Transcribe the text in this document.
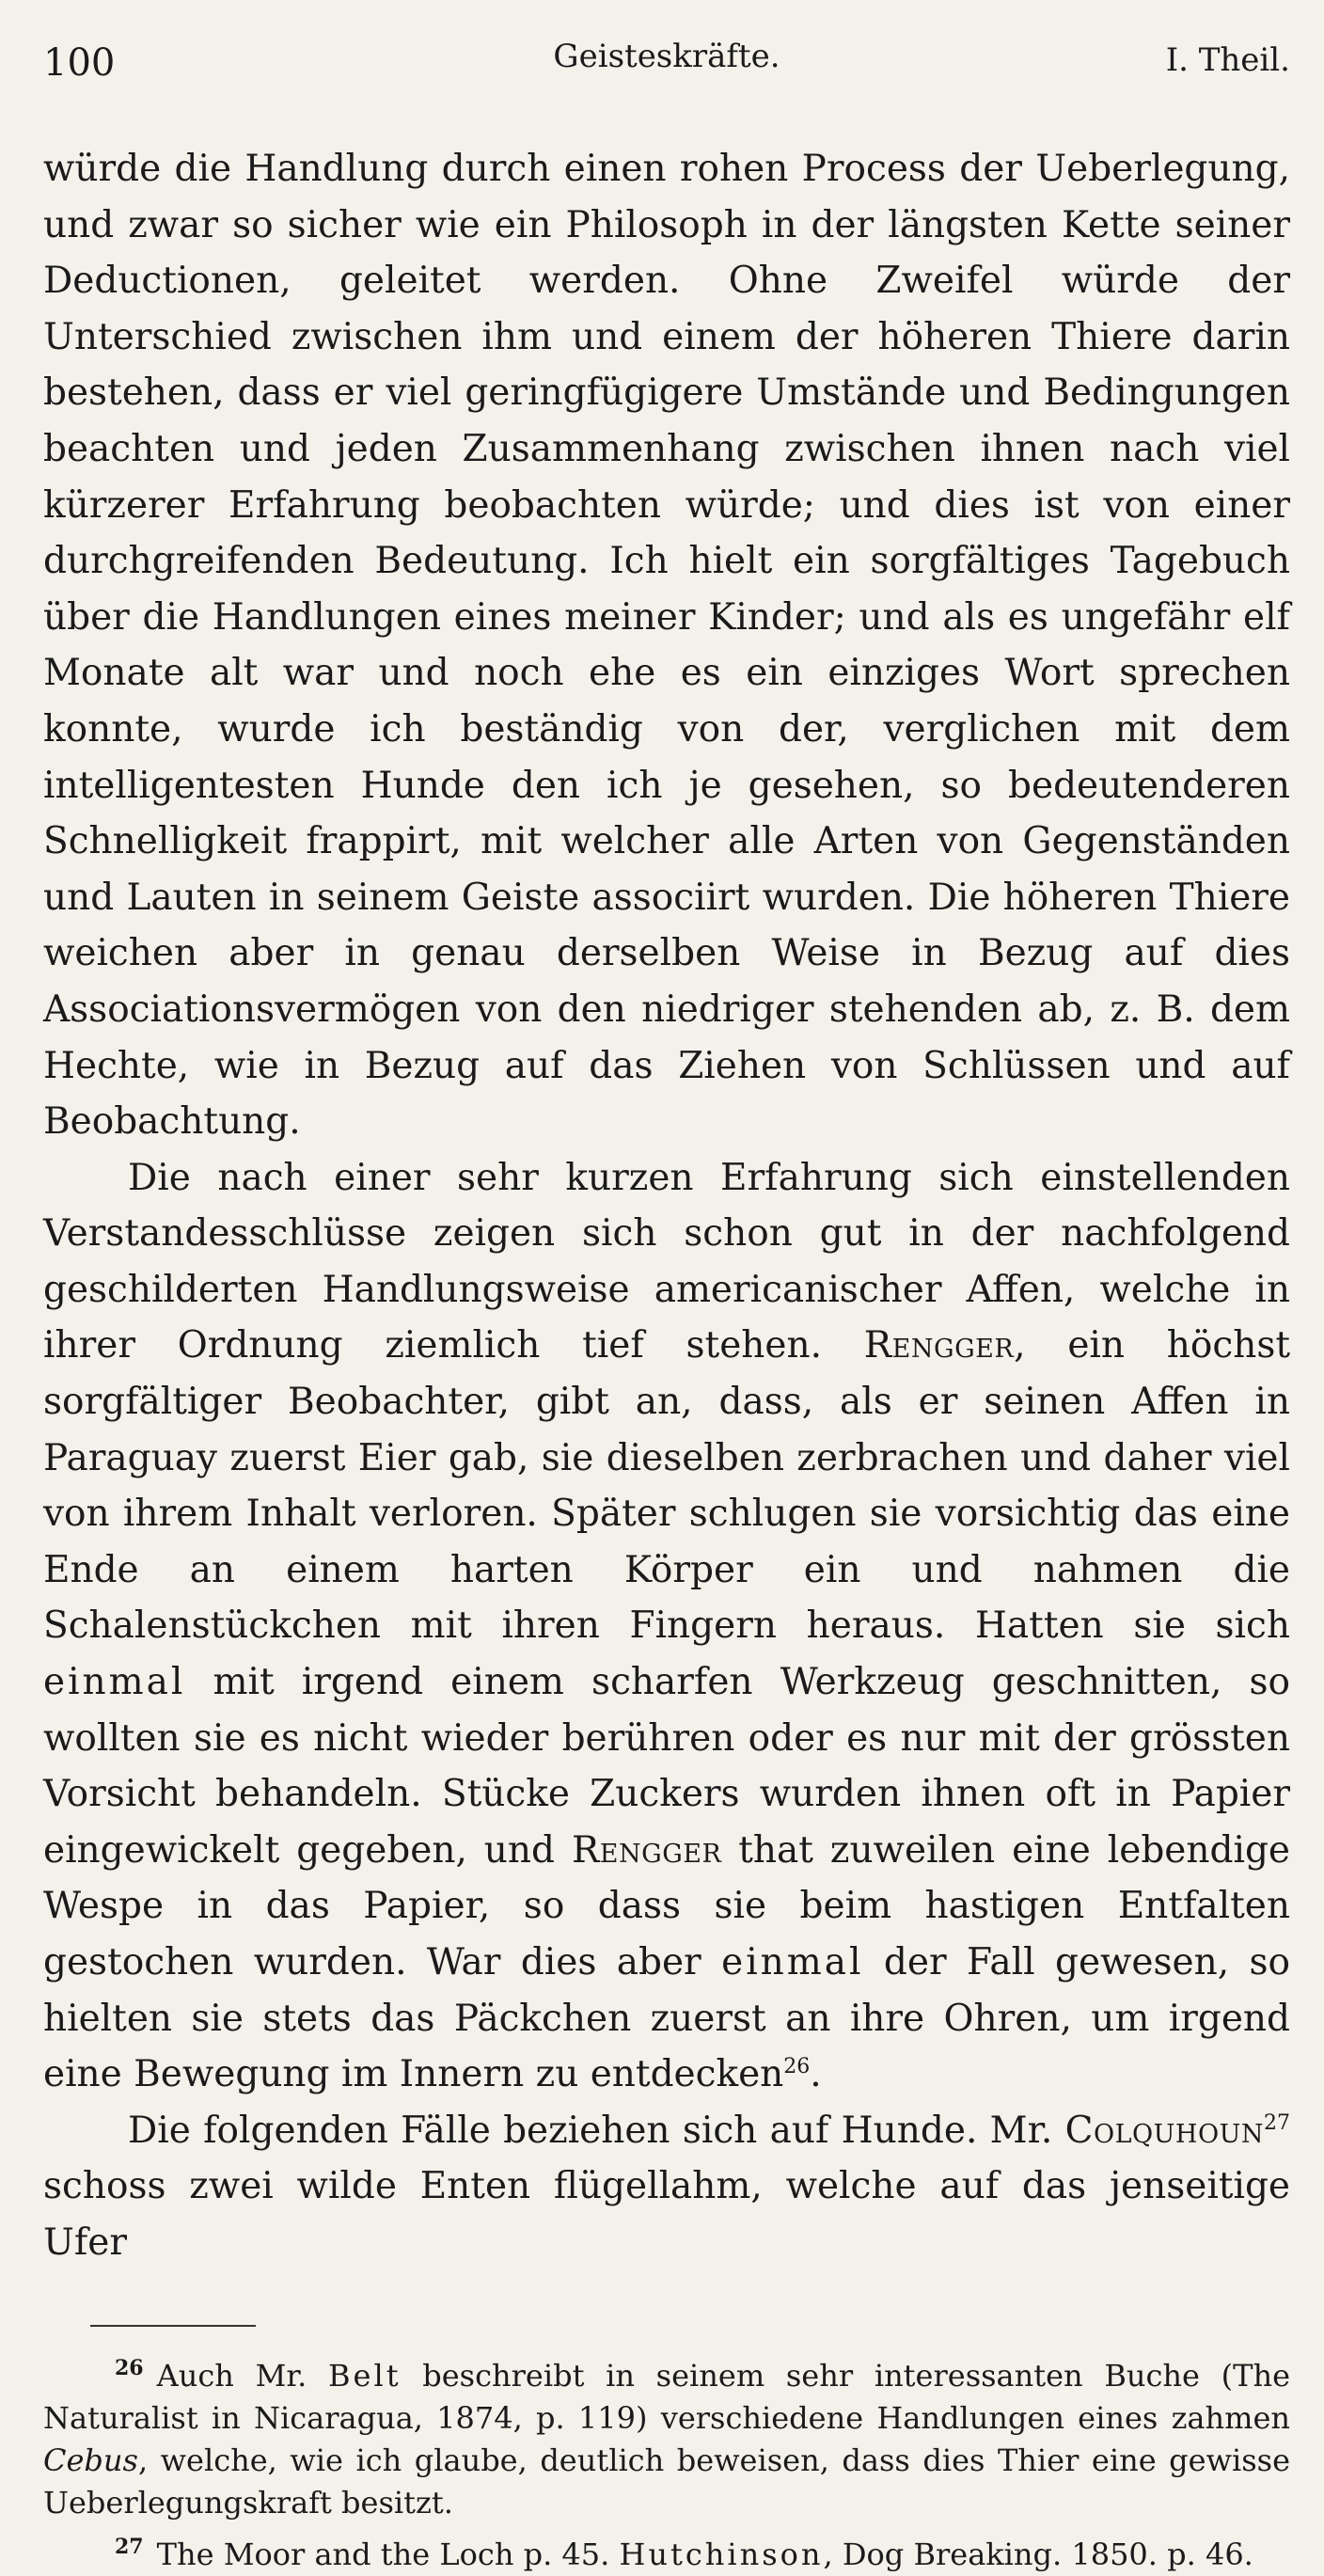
100	Geisteskräfte.	I. Theil.

würde die Handlung durch einen rohen Process der Ueberlegung, und zwar so sicher wie ein Philosoph in der längsten Kette seiner Deductionen, geleitet werden. Ohne Zweifel würde der Unterschied zwischen ihm und einem der höheren Thiere darin bestehen, dass er viel geringfügigere Umstände und Bedingungen beachten und jeden Zusammenhang zwischen ihnen nach viel kürzerer Erfahrung beobachten würde; und dies ist von einer durchgreifenden Bedeutung. Ich hielt ein sorgfältiges Tagebuch über die Handlungen eines meiner Kinder; und als es ungefähr elf Monate alt war und noch ehe es ein einziges Wort sprechen konnte, wurde ich beständig von der, verglichen mit dem intelligentesten Hunde den ich je gesehen, so bedeutenderen Schnelligkeit frappirt, mit welcher alle Arten von Gegenständen und Lauten in seinem Geiste associirt wurden. Die höheren Thiere weichen aber in genau derselben Weise in Bezug auf dies Associationsvermögen von den niedriger stehenden ab, z. B. dem Hechte, wie in Bezug auf das Ziehen von Schlüssen und auf Beobachtung.

Die nach einer sehr kurzen Erfahrung sich einstellenden Verstandesschlüsse zeigen sich schon gut in der nachfolgend geschilderten Handlungsweise americanischer Affen, welche in ihrer Ordnung ziemlich tief stehen. Rengger, ein höchst sorgfältiger Beobachter, gibt an, dass, als er seinen Affen in Paraguay zuerst Eier gab, sie dieselben zerbrachen und daher viel von ihrem Inhalt verloren. Später schlugen sie vorsichtig das eine Ende an einem harten Körper ein und nahmen die Schalenstückchen mit ihren Fingern heraus. Hatten sie sich einmal mit irgend einem scharfen Werkzeug geschnitten, so wollten sie es nicht wieder berühren oder es nur mit der grössten Vorsicht behandeln. Stücke Zuckers wurden ihnen oft in Papier eingewickelt gegeben, und Rengger that zuweilen eine lebendige Wespe in das Papier, so dass sie beim hastigen Entfalten gestochen wurden. War dies aber einmal der Fall gewesen, so hielten sie stets das Päckchen zuerst an ihre Ohren, um irgend eine Bewegung im Innern zu entdecken$^{26}$.

Die folgenden Fälle beziehen sich auf Hunde. Mr. Colquhoun$^{27}$ schoss zwei wilde Enten flügellahm, welche auf das jenseitige Ufer

$^{26}$ Auch Mr. Belt beschreibt in seinem sehr interessanten Buche (The Naturalist in Nicaragua, 1874, p. 119) verschiedene Handlungen eines zahmen Cebus, welche, wie ich glaube, deutlich beweisen, dass dies Thier eine gewisse Ueberlegungskraft besitzt.

$^{27}$ The Moor and the Loch p. 45. Hutchinson, Dog Breaking. 1850. p. 46.
